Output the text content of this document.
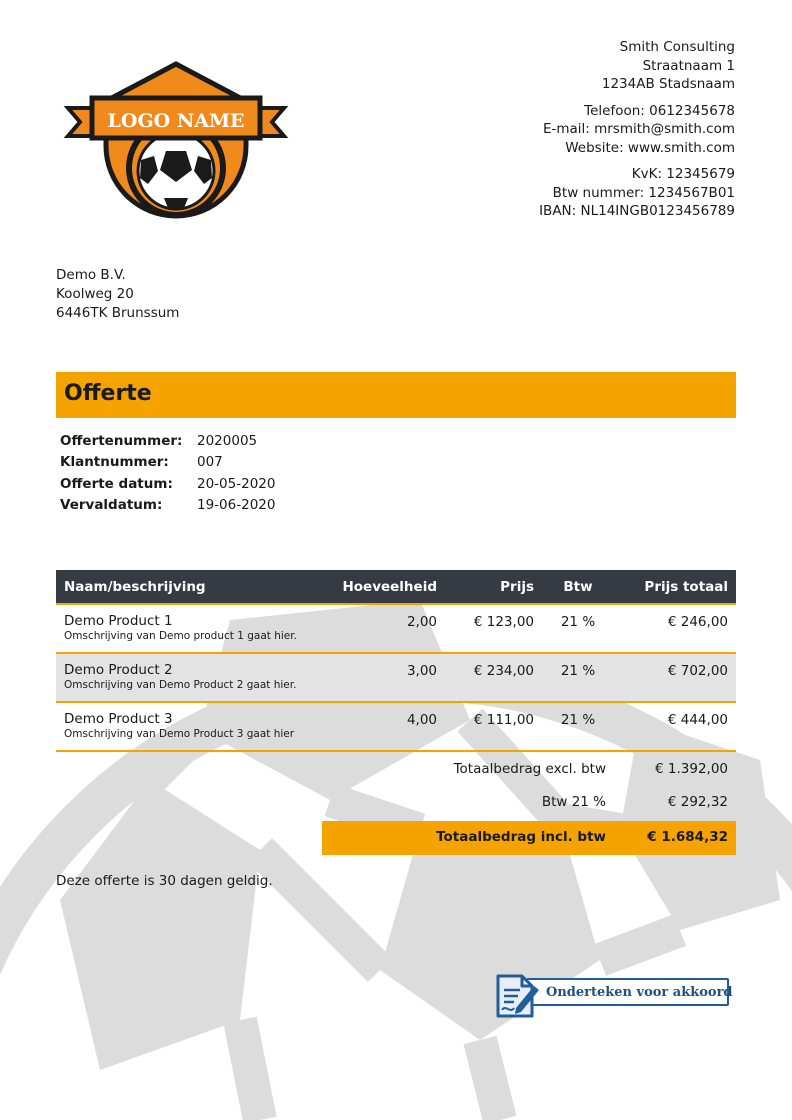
LOGO NAME
Smith Consulting
Straatnaam 1
1234AB Stadsnaam
Telefoon: 0612345678
E-mail: mrsmith@smith.com
Website: www.smith.com
KvK: 12345679
Btw nummer: 1234567B01
IBAN: NL14INGB0123456789
Demo B.V.
Koolweg 20
6446TK Brunssum
Offerte
Offertenummer:	2020005
Klantnummer:	007
Offerte datum:	20-05-2020
Vervaldatum:	19-06-2020
Naam/beschrijving	Hoeveelheid	Prijs	Btw	Prijs totaal

Demo Product 1
Omschrijving van Demo product 1 gaat hier.	2,00	€ 123,00	21 %	€ 246,00

Demo Product 2
Omschrijving van Demo Product 2 gaat hier.	3,00	€ 234,00	21 %	€ 702,00

Demo Product 3
Omschrijving van Demo Product 3 gaat hier	4,00	€ 111,00	21 %	€ 444,00
Totaalbedrag excl. btw	€ 1.392,00
Btw 21 %	€ 292,32
Totaalbedrag incl. btw	€ 1.684,32
Deze offerte is 30 dagen geldig.
Onderteken voor akkoord
